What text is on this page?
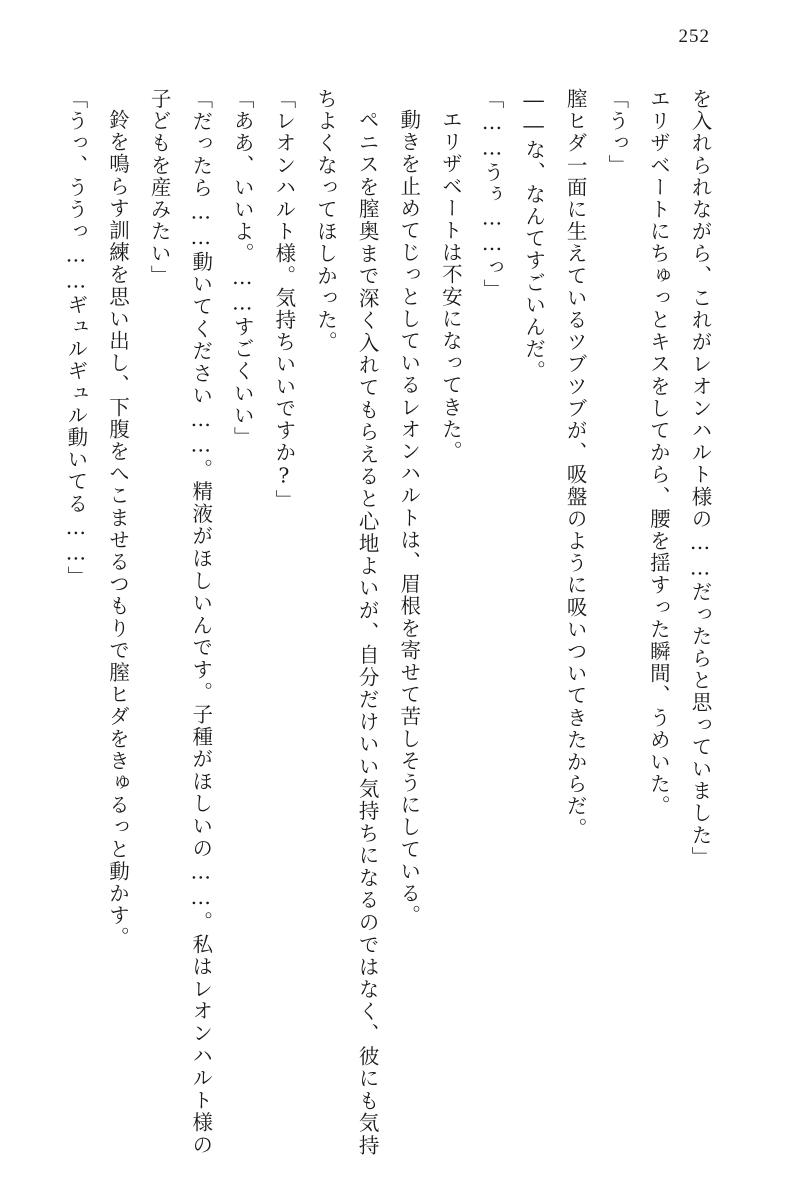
252

を入れられながら、これがレオンハルト様の……だったらと思っていました」

エリザベートにちゅっとキスをしてから、腰を揺すった瞬間、うめいた。

「うっ」

膣ヒダ一面に生えているツブツブが、吸盤のように吸いついてきたからだ。

――な、なんてすごいんだ。

「……うぅ……っ」

エリザベートは不安になってきた。

動きを止めてじっとしているレオンハルトは、眉根を寄せて苦しそうにしている。

ペニスを膣奥まで深く入れてもらえると心地よいが、自分だけいい気持ちになるのではなく、彼にも気持ちよくなってほしかった。

「レオンハルト様。気持ちいいですか?」

「ああ、いいよ。……すごくいい」

「だったら……動いてください……。精液がほしいんです。子種がほしいの……。私はレオンハルト様の子どもを産みたい」

鈴を鳴らす訓練を思い出し、下腹をへこませるつもりで膣ヒダをきゅるっと動かす。

「うっ、ううっ……ギュルギュル動いてる……」
